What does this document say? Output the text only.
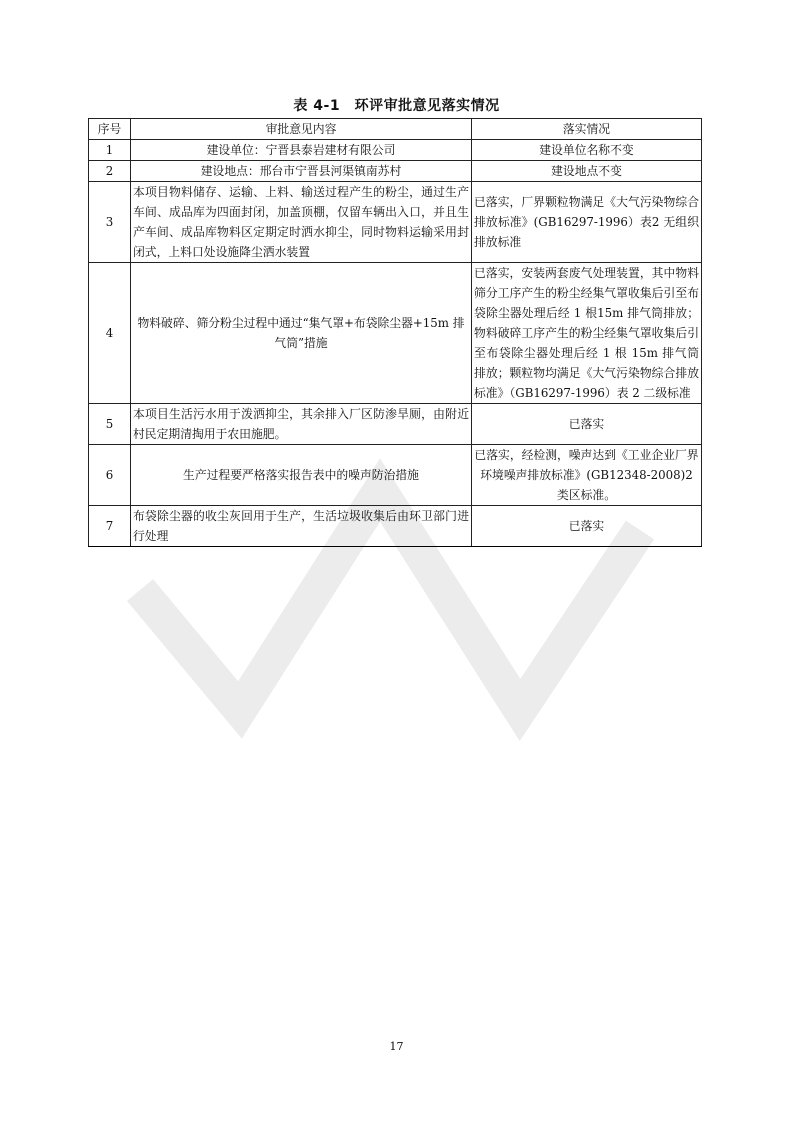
表 4-1　环评审批意见落实情况
序号	审批意见内容	落实情况
1	建设单位：宁晋县泰岩建材有限公司	建设单位名称不变
2	建设地点：邢台市宁晋县河渠镇南苏村	建设地点不变
3	本项目物料储存、运输、上料、输送过程产生的粉尘，通过生产车间、成品库为四面封闭，加盖顶棚，仅留车辆出入口，并且生产车间、成品库物料区定期定时洒水抑尘，同时物料运输采用封闭式，上料口处设施降尘洒水装置	已落实，厂界颗粒物满足《大气污染物综合排放标准》(GB16297-1996）表2 无组织排放标准
4	物料破碎、筛分粉尘过程中通过“集气罩+布袋除尘器+15m 排气筒”措施	已落实，安装两套废气处理装置，其中物料筛分工序产生的粉尘经集气罩收集后引至布袋除尘器处理后经 1 根15m 排气筒排放；物料破碎工序产生的粉尘经集气罩收集后引至布袋除尘器处理后经 1 根 15m 排气筒排放；颗粒物均满足《大气污染物综合排放标准》（GB16297-1996）表 2 二级标准
5	本项目生活污水用于泼洒抑尘，其余排入厂区防渗旱厕，由附近村民定期清掏用于农田施肥。	已落实
6	生产过程要严格落实报告表中的噪声防治措施	已落实，经检测，噪声达到《工业企业厂界环境噪声排放标准》(GB12348-2008)2 类区标准。
7	布袋除尘器的收尘灰回用于生产，生活垃圾收集后由环卫部门进行处理	已落实
17
